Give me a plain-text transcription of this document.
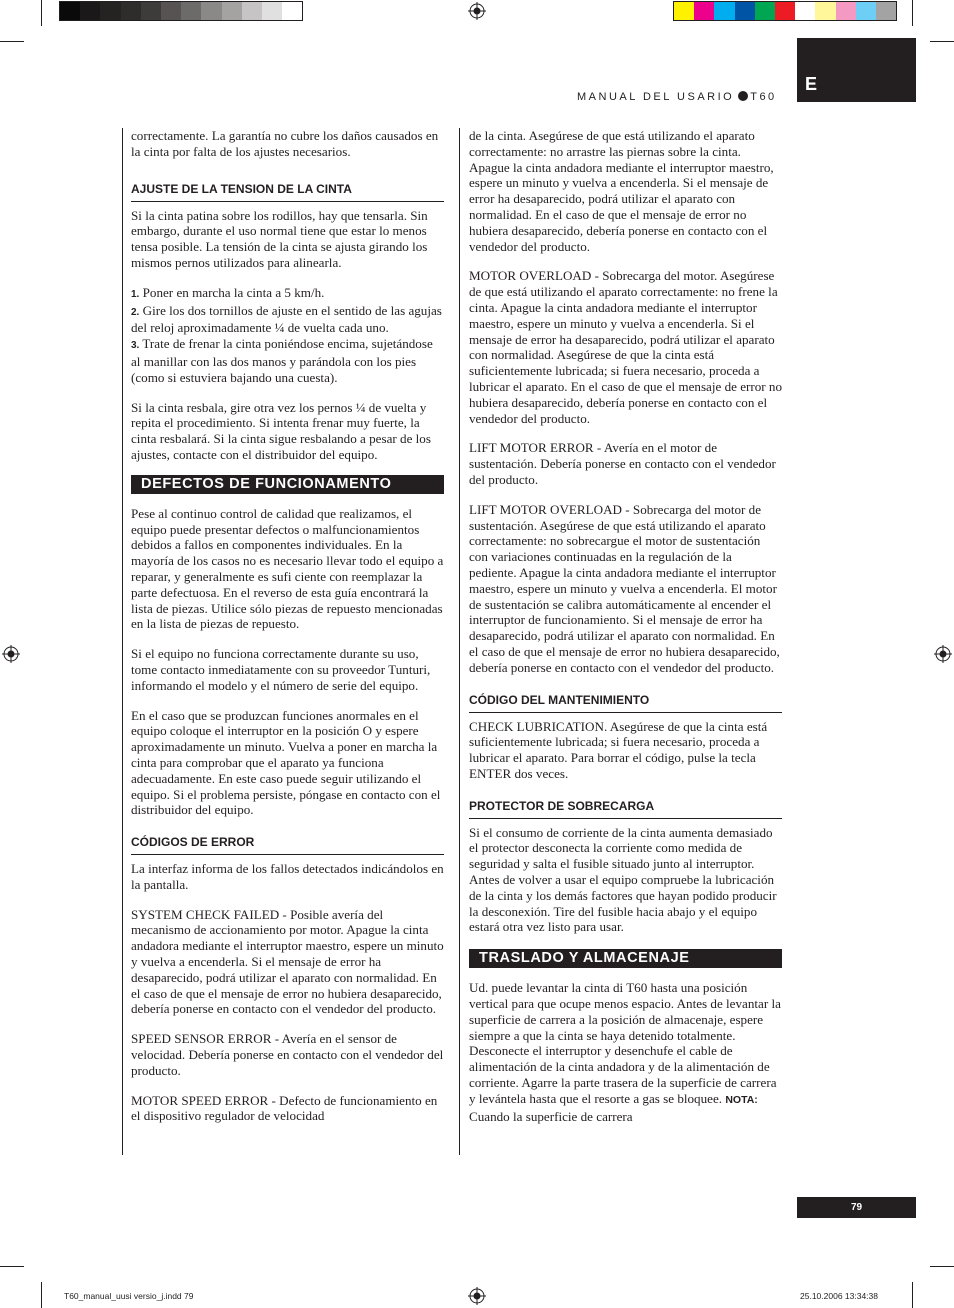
E
MANUAL DEL USARIO T60

correctamente. La garantía no cubre los daños causados en la cinta por falta de los ajustes necesarios.

AJUSTE DE LA TENSION DE LA CINTA

Si la cinta patina sobre los rodillos, hay que tensarla. Sin embargo, durante el uso normal tiene que estar lo menos tensa posible. La tensión de la cinta se ajusta girando los mismos pernos utilizados para alinearla.

1. Poner en marcha la cinta a 5 km/h.

2. Gire los dos tornillos de ajuste en el sentido de las agujas del reloj aproximadamente ¼ de vuelta cada uno.

3. Trate de frenar la cinta poniéndose encima, sujetándose al manillar con las dos manos y parándola con los pies (como si estuviera bajando una cuesta).

Si la cinta resbala, gire otra vez los pernos ¼ de vuelta y repita el procedimiento. Si intenta frenar muy fuerte, la cinta resbalará. Si la cinta sigue resbalando a pesar de los ajustes, contacte con el distribuidor del equipo.

DEFECTOS DE FUNCIONAMENTO

Pese al continuo control de calidad que realizamos, el equipo puede presentar defectos o malfuncionamientos debidos a fallos en componentes individuales. En la mayoría de los casos no es necesario llevar todo el equipo a reparar, y generalmente es sufi ciente con reemplazar la parte defectuosa. En el reverso de esta guía encontrará la lista de piezas. Utilice sólo piezas de repuesto mencionadas en la lista de piezas de repuesto.

Si el equipo no funciona correctamente durante su uso, tome contacto inmediatamente con su proveedor Tunturi, informando el modelo y el número de serie del equipo.

En el caso que se produzcan funciones anormales en el equipo coloque el interruptor en la posición O y espere aproximadamente un minuto. Vuelva a poner en marcha la cinta para comprobar que el aparato ya funciona adecuadamente. En este caso puede seguir utilizando el equipo. Si el problema persiste, póngase en contacto con el distribuidor del equipo.

CÓDIGOS DE ERROR

La interfaz informa de los fallos detectados indicándolos en la pantalla.

SYSTEM CHECK FAILED - Posible avería del mecanismo de accionamiento por motor. Apague la cinta andadora mediante el interruptor maestro, espere un minuto y vuelva a encenderla. Si el mensaje de error ha desaparecido, podrá utilizar el aparato con normalidad. En el caso de que el mensaje de error no hubiera desaparecido, debería ponerse en contacto con el vendedor del producto.

SPEED SENSOR ERROR - Avería en el sensor de velocidad. Debería ponerse en contacto con el vendedor del producto.

MOTOR SPEED ERROR - Defecto de funcionamiento en el dispositivo regulador de velocidad

de la cinta. Asegúrese de que está utilizando el aparato correctamente: no arrastre las piernas sobre la cinta. Apague la cinta andadora mediante el interruptor maestro, espere un minuto y vuelva a encenderla. Si el mensaje de error ha desaparecido, podrá utilizar el aparato con normalidad. En el caso de que el mensaje de error no hubiera desaparecido, debería ponerse en contacto con el vendedor del producto.

MOTOR OVERLOAD - Sobrecarga del motor. Asegúrese de que está utilizando el aparato correctamente: no frene la cinta. Apague la cinta andadora mediante el interruptor maestro, espere un minuto y vuelva a encenderla. Si el mensaje de error ha desaparecido, podrá utilizar el aparato con normalidad. Asegúrese de que la cinta está suficientemente lubricada; si fuera necesario, proceda a lubricar el aparato. En el caso de que el mensaje de error no hubiera desaparecido, debería ponerse en contacto con el vendedor del producto.

LIFT MOTOR ERROR - Avería en el motor de sustentación. Debería ponerse en contacto con el vendedor del producto.

LIFT MOTOR OVERLOAD - Sobrecarga del motor de sustentación. Asegúrese de que está utilizando el aparato correctamente: no sobrecargue el motor de sustentación con variaciones continuadas en la regulación de la pediente. Apague la cinta andadora mediante el interruptor maestro, espere un minuto y vuelva a encenderla. El motor de sustentación se calibra automáticamente al encender el interruptor de funcionamiento. Si el mensaje de error ha desaparecido, podrá utilizar el aparato con normalidad. En el caso de que el mensaje de error no hubiera desaparecido, debería ponerse en contacto con el vendedor del producto.

CÓDIGO DEL MANTENIMIENTO

CHECK LUBRICATION. Asegúrese de que la cinta está suficientemente lubricada; si fuera necesario, proceda a lubricar el aparato. Para borrar el código, pulse la tecla ENTER dos veces.

PROTECTOR DE SOBRECARGA

Si el consumo de corriente de la cinta aumenta demasiado el protector desconecta la corriente como medida de seguridad y salta el fusible situado junto al interruptor. Antes de volver a usar el equipo compruebe la lubricación de la cinta y los demás factores que hayan podido producir la desconexión. Tire del fusible hacia abajo y el equipo estará otra vez listo para usar.

TRASLADO Y ALMACENAJE

Ud. puede levantar la cinta di T60 hasta una posición vertical para que ocupe menos espacio. Antes de levantar la superficie de carrera a la posición de almacenaje, espere siempre a que la cinta se haya detenido totalmente. Desconecte el interruptor y desenchufe el cable de alimentación de la cinta andadora y de la alimentación de corriente. Agarre la parte trasera de la superficie de carrera y levántela hasta que el resorte a gas se bloquee. NOTA: Cuando la superficie de carrera

79
T60_manual_uusi versio_j.indd 79	25.10.2006 13:34:38
